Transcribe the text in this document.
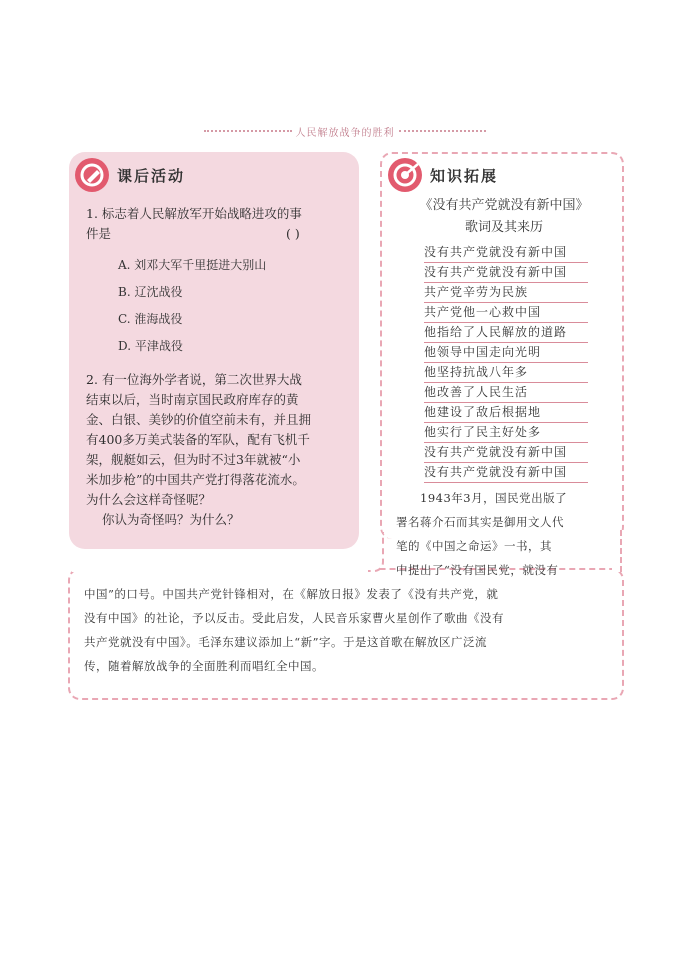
人民解放战争的胜利
课后活动
1. 标志着人民解放军开始战略进攻的事
件是	( )
A. 刘邓大军千里挺进大别山
B. 辽沈战役
C. 淮海战役
D. 平津战役
2. 有一位海外学者说，第二次世界大战
结束以后，当时南京国民政府库存的黄
金、白银、美钞的价值空前未有，并且拥
有400多万美式装备的军队，配有飞机千
架，舰艇如云，但为时不过3年就被“小
米加步枪”的中国共产党打得落花流水。
为什么会这样奇怪呢？
你认为奇怪吗？为什么？
知识拓展
《没有共产党就没有新中国》
歌词及其来历
没有共产党就没有新中国
没有共产党就没有新中国
共产党辛劳为民族
共产党他一心救中国
他指给了人民解放的道路
他领导中国走向光明
他坚持抗战八年多
他改善了人民生活
他建设了敌后根据地
他实行了民主好处多
没有共产党就没有新中国
没有共产党就没有新中国
1943年3月，国民党出版了
署名蒋介石而其实是御用文人代
笔的《中国之命运》一书，其
中提出了“没有国民党，就没有
中国”的口号。中国共产党针锋相对，在《解放日报》发表了《没有共产党，就
没有中国》的社论，予以反击。受此启发，人民音乐家曹火星创作了歌曲《没有
共产党就没有中国》。毛泽东建议添加上“新”字。于是这首歌在解放区广泛流
传，随着解放战争的全面胜利而唱红全中国。
